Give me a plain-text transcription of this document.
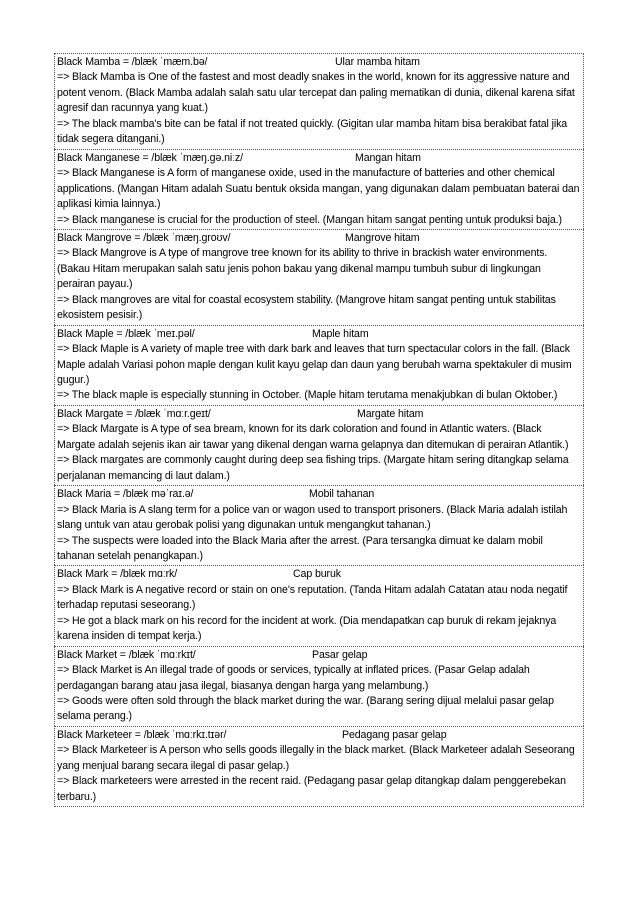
Black Mamba = /blæk ˈmæm.bə/	Ular mamba hitam

=> Black Mamba is One of the fastest and most deadly snakes in the world, known for its aggressive nature and potent venom. (Black Mamba adalah salah satu ular tercepat dan paling mematikan di dunia, dikenal karena sifat agresif dan racunnya yang kuat.)

=> The black mamba's bite can be fatal if not treated quickly. (Gigitan ular mamba hitam bisa berakibat fatal jika tidak segera ditangani.)

Black Manganese = /blæk ˈmæŋ.ɡə.niːz/	Mangan hitam

=> Black Manganese is A form of manganese oxide, used in the manufacture of batteries and other chemical applications. (Mangan Hitam adalah Suatu bentuk oksida mangan, yang digunakan dalam pembuatan baterai dan aplikasi kimia lainnya.)

=> Black manganese is crucial for the production of steel. (Mangan hitam sangat penting untuk produksi baja.)

Black Mangrove = /blæk ˈmæŋ.ɡroʊv/	Mangrove hitam

=> Black Mangrove is A type of mangrove tree known for its ability to thrive in brackish water environments. (Bakau Hitam merupakan salah satu jenis pohon bakau yang dikenal mampu tumbuh subur di lingkungan perairan payau.)

=> Black mangroves are vital for coastal ecosystem stability. (Mangrove hitam sangat penting untuk stabilitas ekosistem pesisir.)

Black Maple = /blæk ˈmeɪ.pəl/	Maple hitam

=> Black Maple is A variety of maple tree with dark bark and leaves that turn spectacular colors in the fall. (Black Maple adalah Variasi pohon maple dengan kulit kayu gelap dan daun yang berubah warna spektakuler di musim gugur.)

=> The black maple is especially stunning in October. (Maple hitam terutama menakjubkan di bulan Oktober.)

Black Margate = /blæk ˈmɑːr.ɡeɪt/	Margate hitam

=> Black Margate is A type of sea bream, known for its dark coloration and found in Atlantic waters. (Black Margate adalah sejenis ikan air tawar yang dikenal dengan warna gelapnya dan ditemukan di perairan Atlantik.)

=> Black margates are commonly caught during deep sea fishing trips. (Margate hitam sering ditangkap selama perjalanan memancing di laut dalam.)

Black Maria = /blæk məˈraɪ.ə/	Mobil tahanan

=> Black Maria is A slang term for a police van or wagon used to transport prisoners. (Black Maria adalah istilah slang untuk van atau gerobak polisi yang digunakan untuk mengangkut tahanan.)

=> The suspects were loaded into the Black Maria after the arrest. (Para tersangka dimuat ke dalam mobil tahanan setelah penangkapan.)

Black Mark = /blæk mɑːrk/	Cap buruk

=> Black Mark is A negative record or stain on one's reputation. (Tanda Hitam adalah Catatan atau noda negatif terhadap reputasi seseorang.)

=> He got a black mark on his record for the incident at work. (Dia mendapatkan cap buruk di rekam jejaknya karena insiden di tempat kerja.)

Black Market = /blæk ˈmɑːrkɪt/	Pasar gelap

=> Black Market is An illegal trade of goods or services, typically at inflated prices. (Pasar Gelap adalah perdagangan barang atau jasa ilegal, biasanya dengan harga yang melambung.)

=> Goods were often sold through the black market during the war. (Barang sering dijual melalui pasar gelap selama perang.)

Black Marketeer = /blæk ˈmɑːrkɪ.tɪər/	Pedagang pasar gelap

=> Black Marketeer is A person who sells goods illegally in the black market. (Black Marketeer adalah Seseorang yang menjual barang secara ilegal di pasar gelap.)

=> Black marketeers were arrested in the recent raid. (Pedagang pasar gelap ditangkap dalam penggerebekan terbaru.)
